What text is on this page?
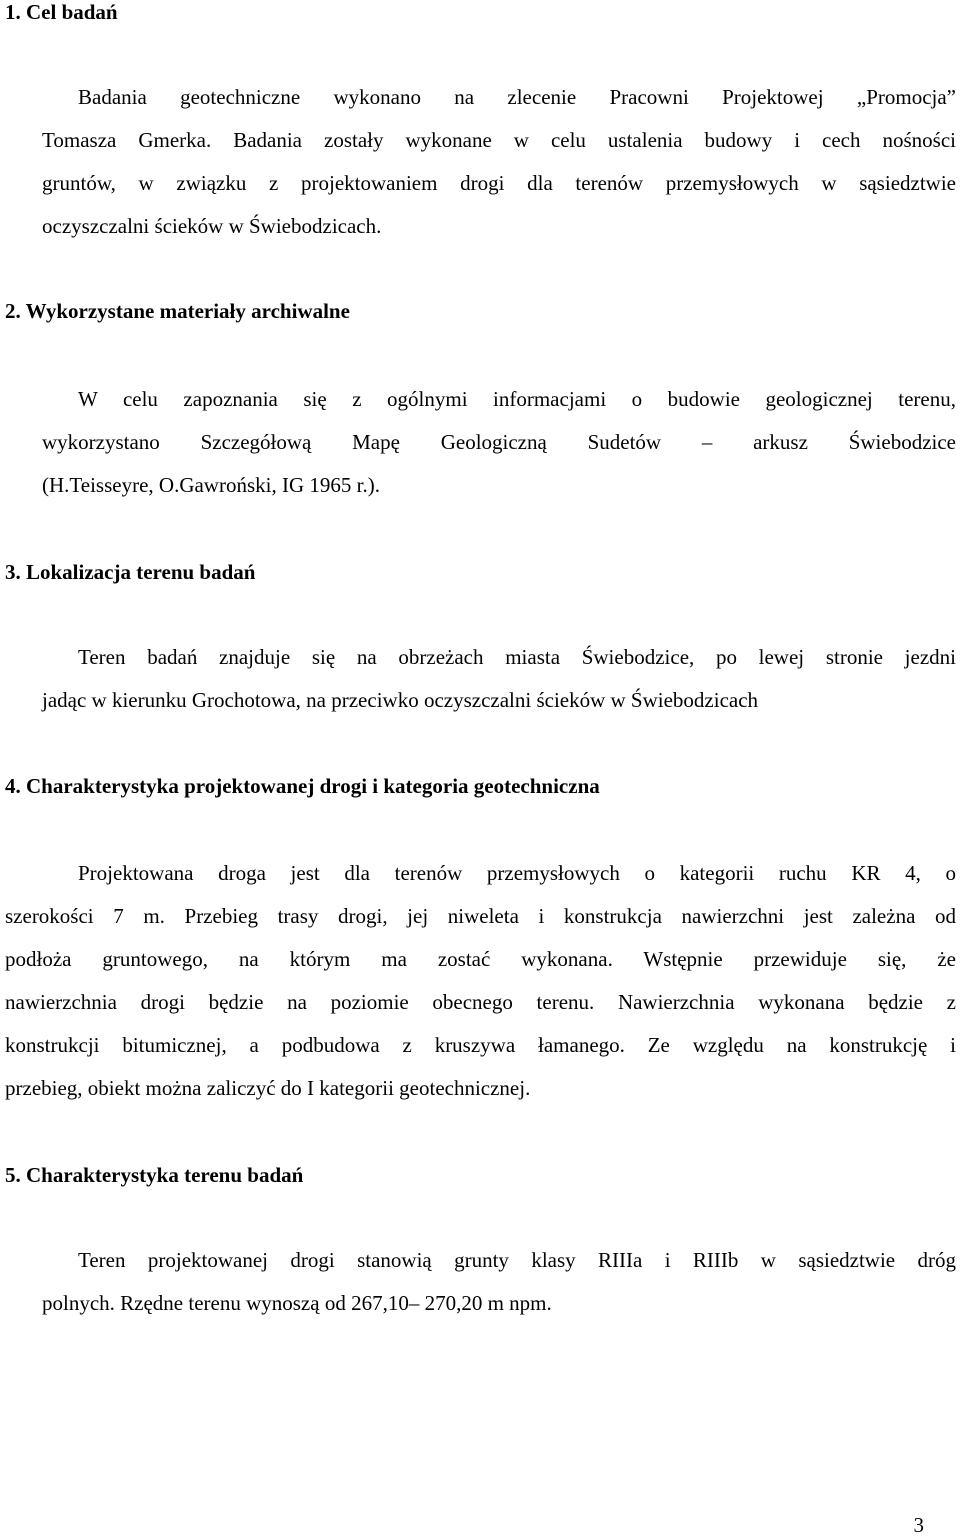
1. Cel badań
Badania geotechniczne wykonano na zlecenie Pracowni Projektowej „Promocja”
Tomasza Gmerka. Badania zostały wykonane w celu ustalenia budowy i cech nośności
gruntów, w związku z projektowaniem drogi dla terenów przemysłowych w sąsiedztwie
oczyszczalni ścieków w Świebodzicach.
2. Wykorzystane materiały archiwalne
W celu zapoznania się z ogólnymi informacjami o budowie geologicznej terenu,
wykorzystano Szczegółową Mapę Geologiczną Sudetów – arkusz Świebodzice
(H.Teisseyre, O.Gawroński, IG 1965 r.).
3. Lokalizacja terenu badań
Teren badań znajduje się na obrzeżach miasta Świebodzice, po lewej stronie jezdni
jadąc w kierunku Grochotowa, na przeciwko oczyszczalni ścieków w Świebodzicach
4. Charakterystyka projektowanej drogi i kategoria geotechniczna
Projektowana droga jest dla terenów przemysłowych o kategorii ruchu KR 4, o
szerokości 7 m. Przebieg trasy drogi, jej niweleta i konstrukcja nawierzchni jest zależna od
podłoża gruntowego, na którym ma zostać wykonana. Wstępnie przewiduje się, że
nawierzchnia drogi będzie na poziomie obecnego terenu. Nawierzchnia wykonana będzie z
konstrukcji bitumicznej, a podbudowa z kruszywa łamanego. Ze względu na konstrukcję i
przebieg, obiekt można zaliczyć do I kategorii geotechnicznej.
5. Charakterystyka terenu badań
Teren projektowanej drogi stanowią grunty klasy RIIIa i RIIIb w sąsiedztwie dróg
polnych. Rzędne terenu wynoszą od 267,10– 270,20 m npm.
3
